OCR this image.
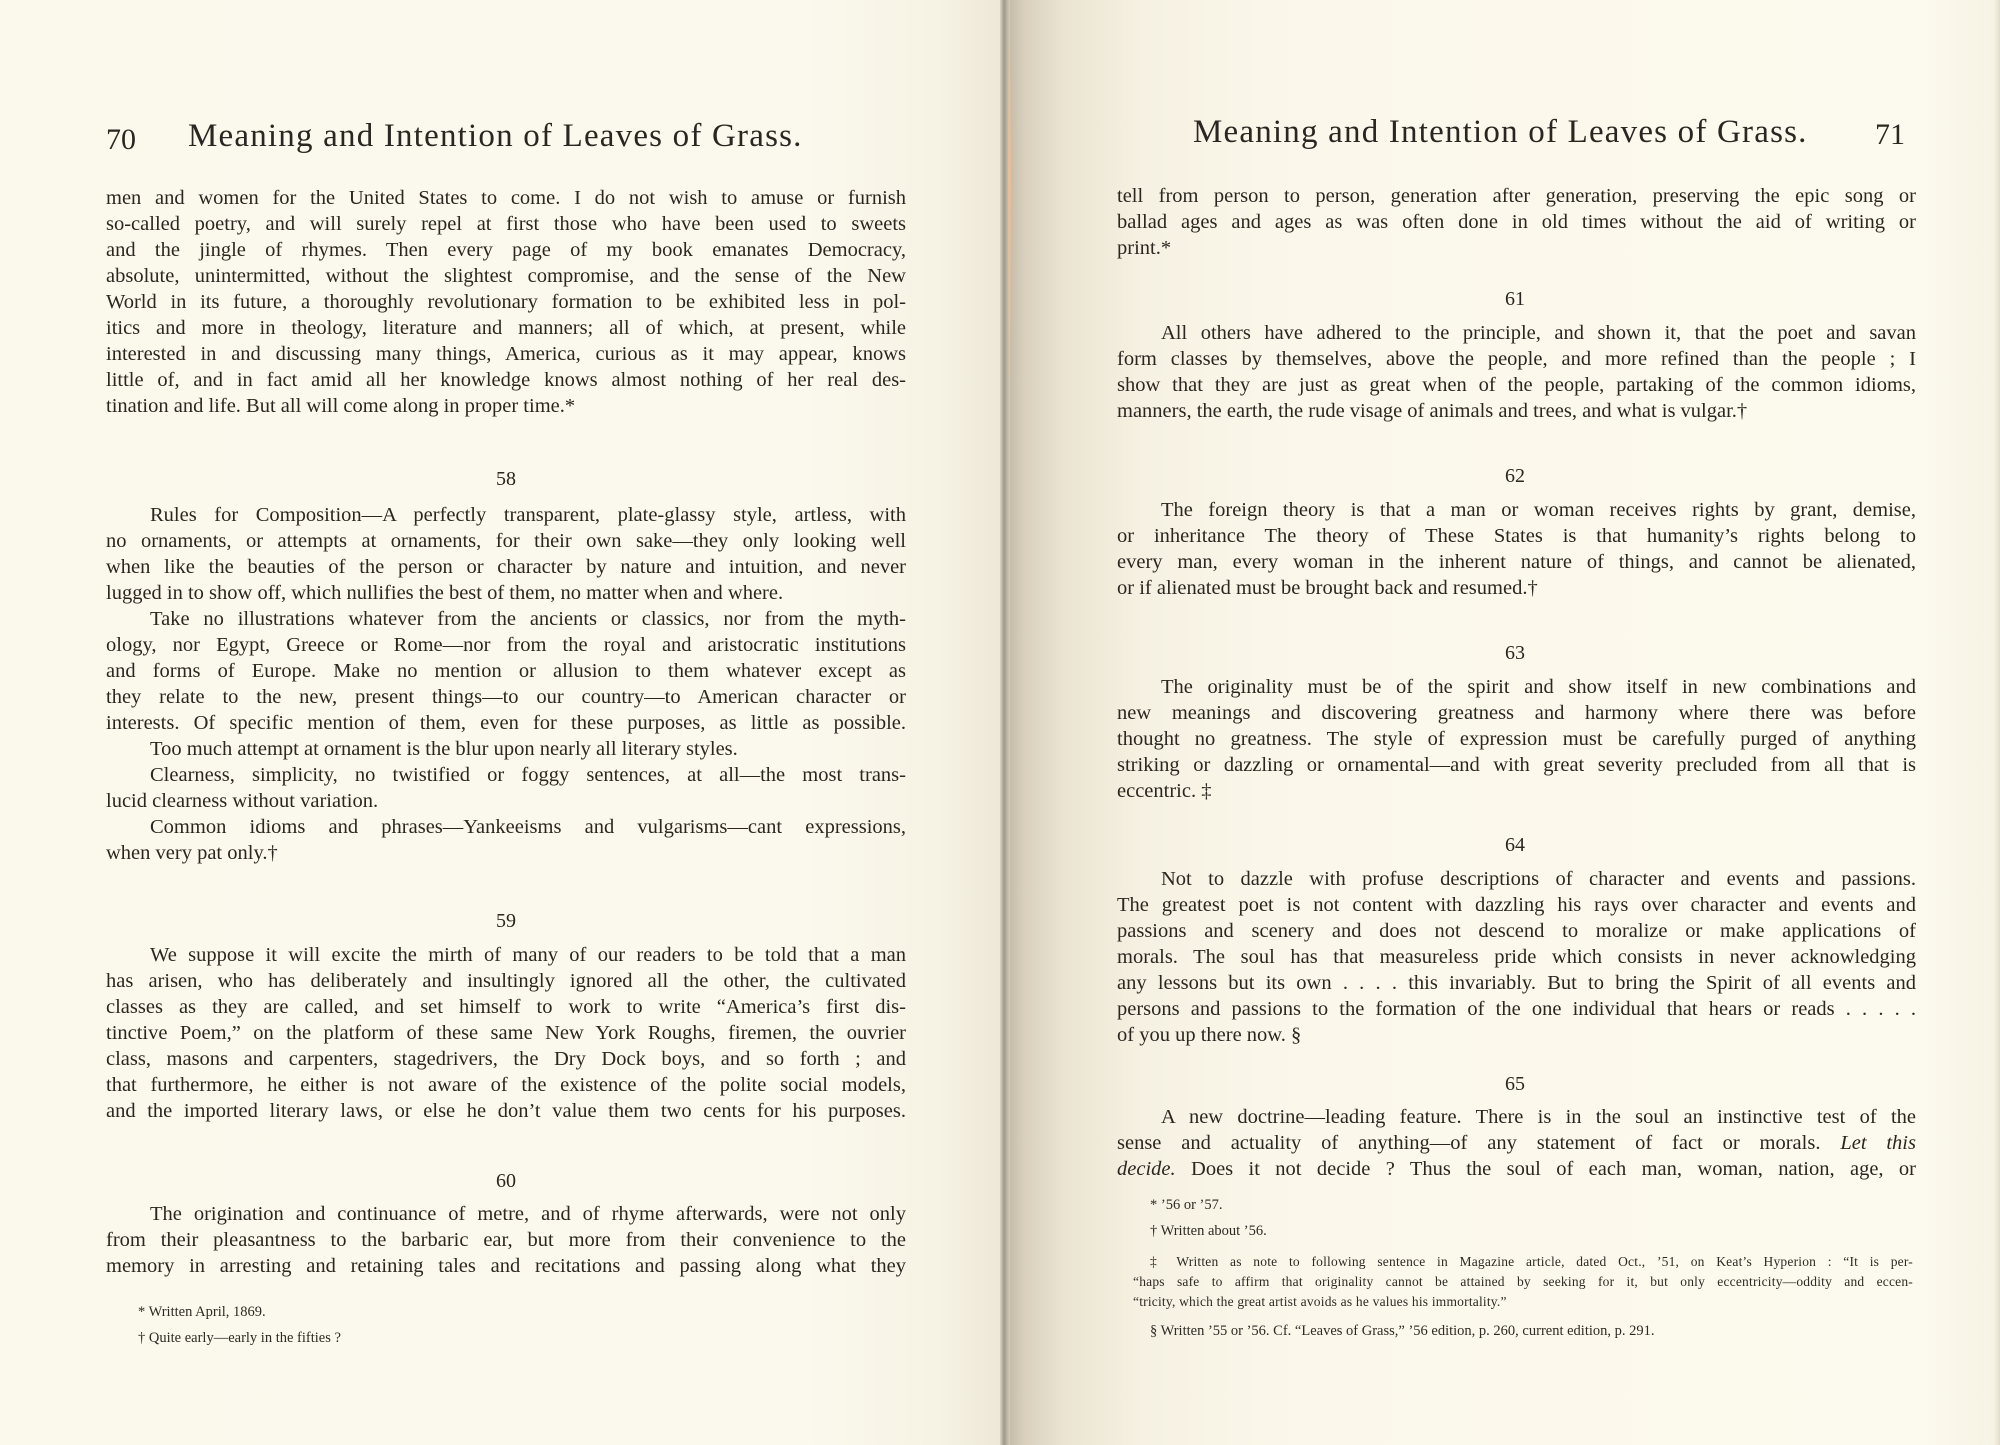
70 Meaning and Intention of Leaves of Grass.
men and women for the United States to come. I do not wish to amuse or furnish
so-called poetry, and will surely repel at first those who have been used to sweets
and the jingle of rhymes. Then every page of my book emanates Democracy,
absolute, unintermitted, without the slightest compromise, and the sense of the New
World in its future, a thoroughly revolutionary formation to be exhibited less in pol-
itics and more in theology, literature and manners; all of which, at present, while
interested in and discussing many things, America, curious as it may appear, knows
little of, and in fact amid all her knowledge knows almost nothing of her real des-
tination and life. But all will come along in proper time.*
58
Rules for Composition—A perfectly transparent, plate-glassy style, artless, with
no ornaments, or attempts at ornaments, for their own sake—they only looking well
when like the beauties of the person or character by nature and intuition, and never
lugged in to show off, which nullifies the best of them, no matter when and where.
Take no illustrations whatever from the ancients or classics, nor from the myth-
ology, nor Egypt, Greece or Rome—nor from the royal and aristocratic institutions
and forms of Europe. Make no mention or allusion to them whatever except as
they relate to the new, present things—to our country—to American character or
interests. Of specific mention of them, even for these purposes, as little as possible.
Too much attempt at ornament is the blur upon nearly all literary styles.
Clearness, simplicity, no twistified or foggy sentences, at all—the most trans-
lucid clearness without variation.
Common idioms and phrases—Yankeeisms and vulgarisms—cant expressions,
when very pat only.†
59
We suppose it will excite the mirth of many of our readers to be told that a man
has arisen, who has deliberately and insultingly ignored all the other, the cultivated
classes as they are called, and set himself to work to write “America’s first dis-
tinctive Poem,” on the platform of these same New York Roughs, firemen, the ouvrier
class, masons and carpenters, stagedrivers, the Dry Dock boys, and so forth ; and
that furthermore, he either is not aware of the existence of the polite social models,
and the imported literary laws, or else he don’t value them two cents for his purposes.
60
The origination and continuance of metre, and of rhyme afterwards, were not only
from their pleasantness to the barbaric ear, but more from their convenience to the
memory in arresting and retaining tales and recitations and passing along what they
* Written April, 1869.
† Quite early—early in the fifties ?
Meaning and Intention of Leaves of Grass. 71
tell from person to person, generation after generation, preserving the epic song or
ballad ages and ages as was often done in old times without the aid of writing or
print.*
61
All others have adhered to the principle, and shown it, that the poet and savan
form classes by themselves, above the people, and more refined than the people ; I
show that they are just as great when of the people, partaking of the common idioms,
manners, the earth, the rude visage of animals and trees, and what is vulgar.†
62
The foreign theory is that a man or woman receives rights by grant, demise,
or inheritance The theory of These States is that humanity’s rights belong to
every man, every woman in the inherent nature of things, and cannot be alienated,
or if alienated must be brought back and resumed.†
63
The originality must be of the spirit and show itself in new combinations and
new meanings and discovering greatness and harmony where there was before
thought no greatness. The style of expression must be carefully purged of anything
striking or dazzling or ornamental—and with great severity precluded from all that is
eccentric. ‡
64
Not to dazzle with profuse descriptions of character and events and passions.
The greatest poet is not content with dazzling his rays over character and events and
passions and scenery and does not descend to moralize or make applications of
morals. The soul has that measureless pride which consists in never acknowledging
any lessons but its own . . . . this invariably. But to bring the Spirit of all events and
persons and passions to the formation of the one individual that hears or reads . . . . .
of you up there now. §
65
A new doctrine—leading feature. There is in the soul an instinctive test of the
sense and actuality of anything—of any statement of fact or morals. Let this
decide. Does it not decide ? Thus the soul of each man, woman, nation, age, or
* ’56 or ’57.
† Written about ’56.
‡ Written as note to following sentence in Magazine article, dated Oct., ’51, on Keat’s Hyperion : “It is per-
“haps safe to affirm that originality cannot be attained by seeking for it, but only eccentricity—oddity and eccen-
“tricity, which the great artist avoids as he values his immortality.”
§ Written ’55 or ’56. Cf. “Leaves of Grass,” ’56 edition, p. 260, current edition, p. 291.
